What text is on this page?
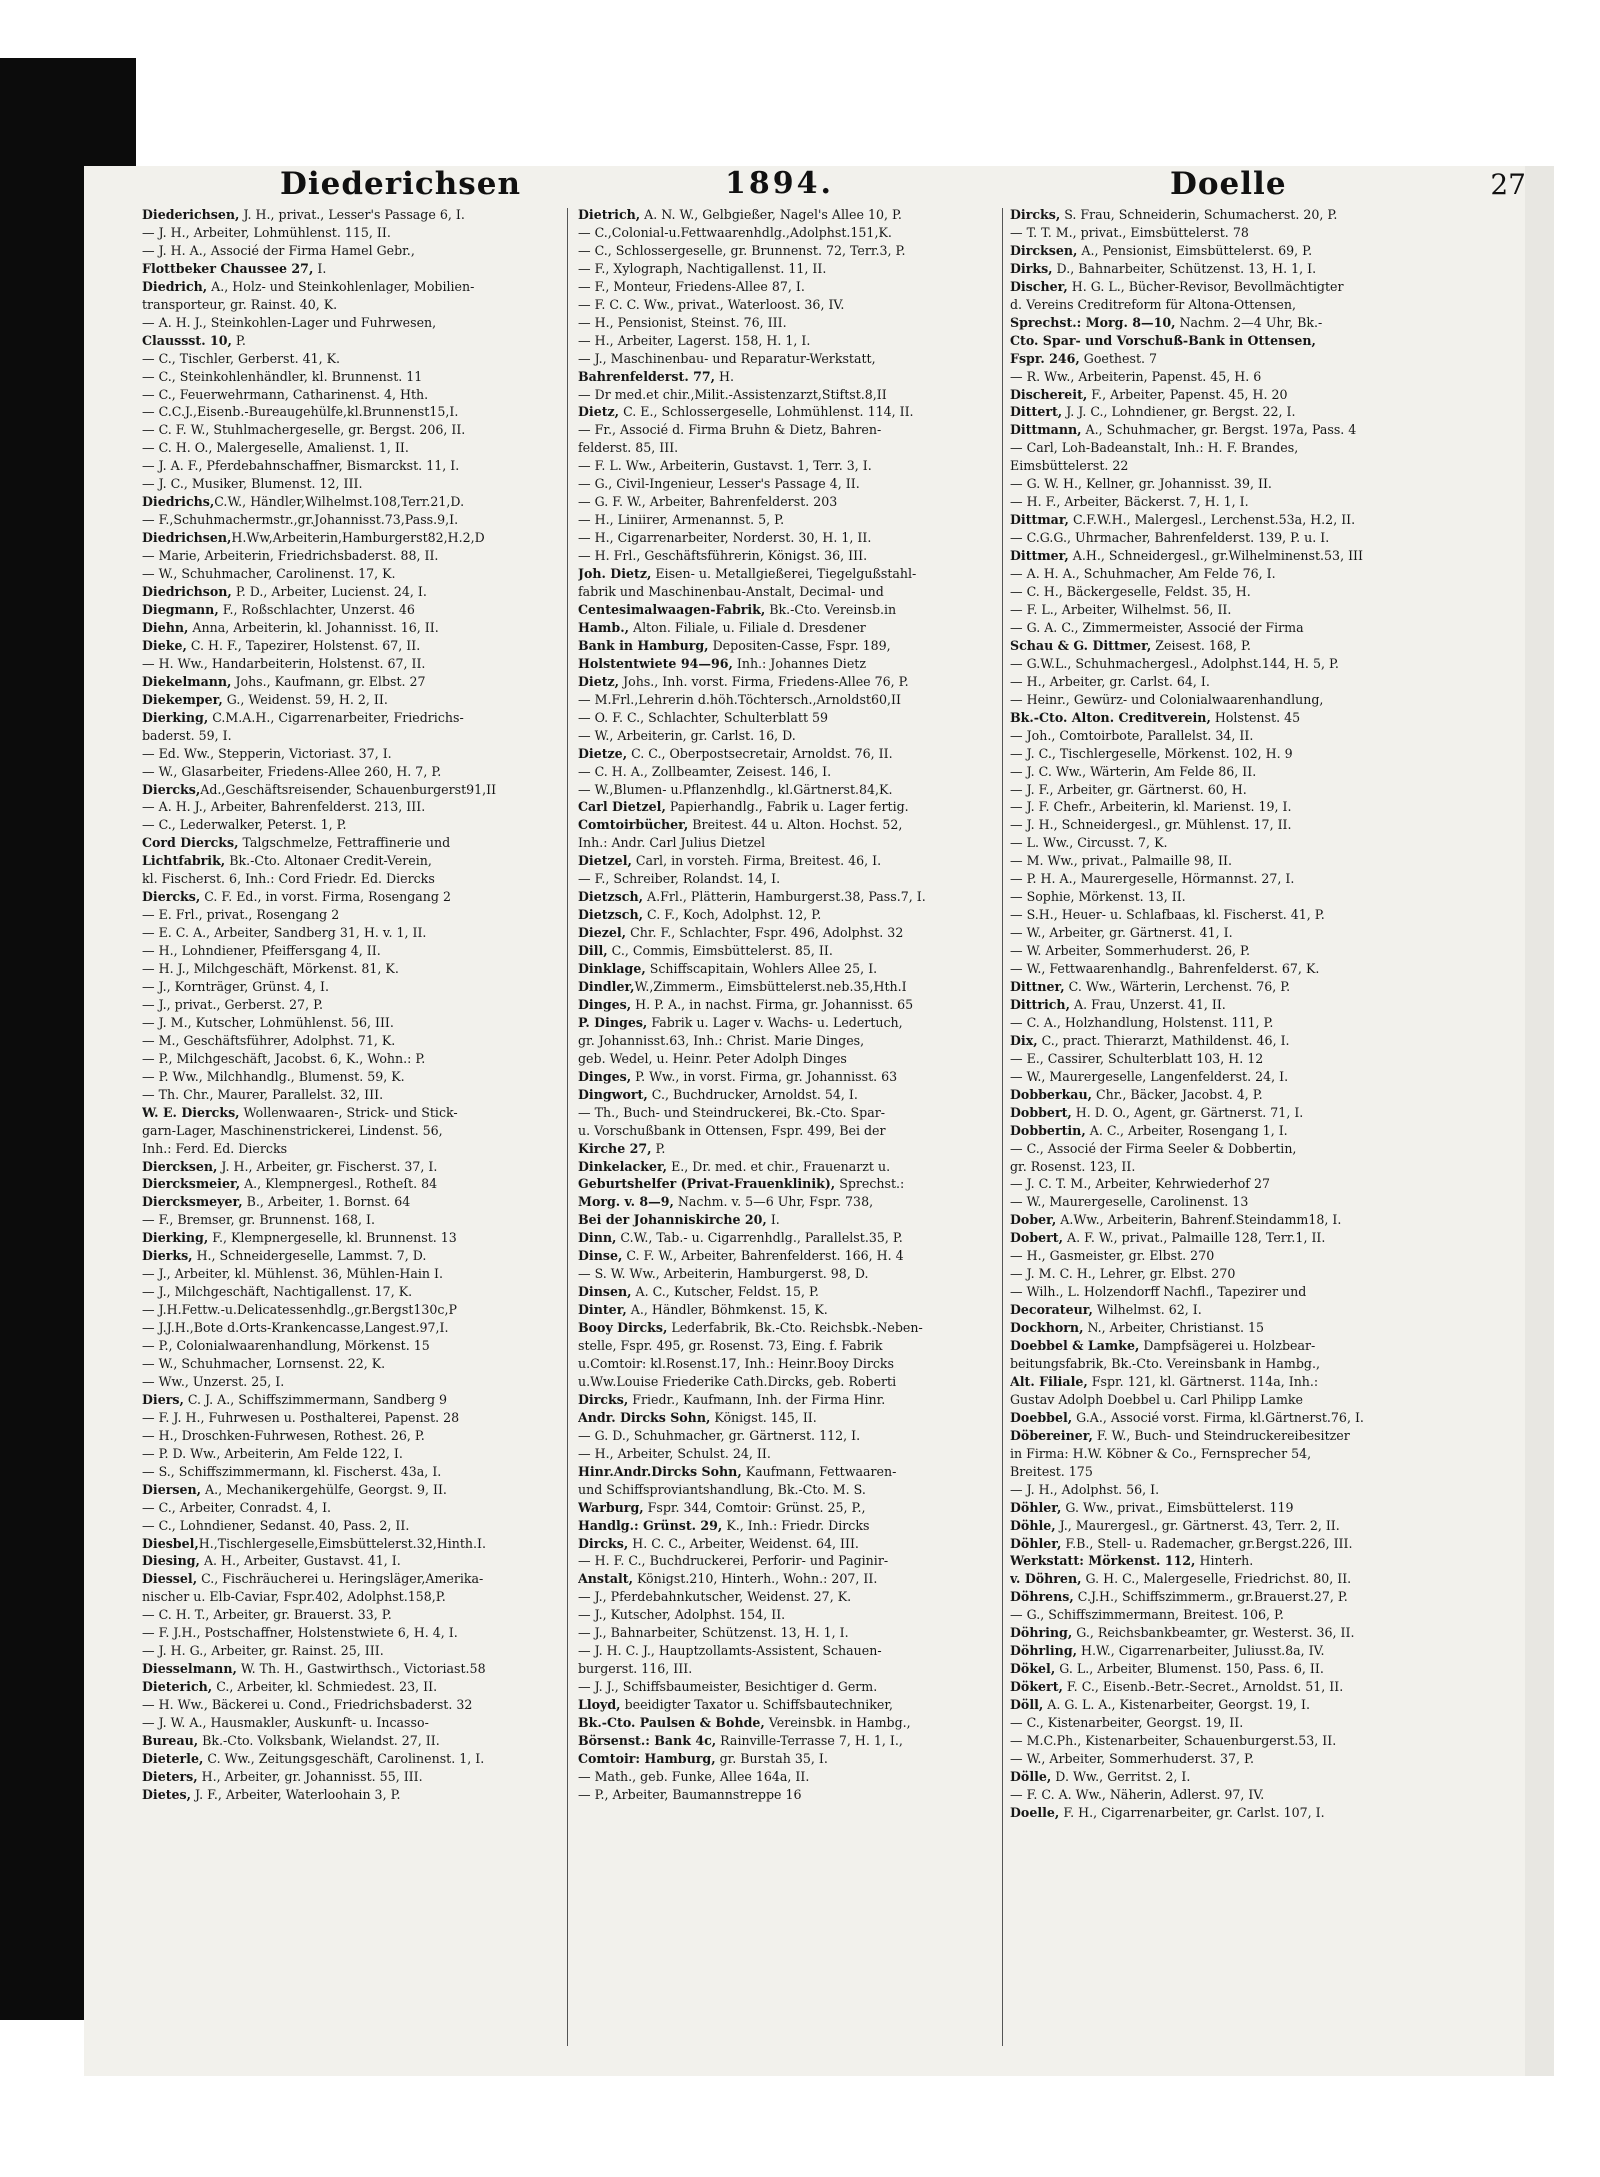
Diederichsen	1894.	Doelle	27
Diederichsen, J. H., privat., Lesser's Passage 6, I.
— J. H., Arbeiter, Lohmühlenst. 115, II.
— J. H. A., Associé der Firma Hamel Gebr.,
Flottbeker Chaussee 27, I.
Diedrich, A., Holz- und Steinkohlenlager, Mobilien-
transporteur, gr. Rainst. 40, K.
— A. H. J., Steinkohlen-Lager und Fuhrwesen,
Claussst. 10, P.
— C., Tischler, Gerberst. 41, K.
— C., Steinkohlenhändler, kl. Brunnenst. 11
— C., Feuerwehrmann, Catharinenst. 4, Hth.
— C.C.J.,Eisenb.-Bureaugehülfe,kl.Brunnenst15,I.
— C. F. W., Stuhlmachergeselle, gr. Bergst. 206, II.
— C. H. O., Malergeselle, Amalienst. 1, II.
— J. A. F., Pferdebahnschaffner, Bismarckst. 11, I.
— J. C., Musiker, Blumenst. 12, III.
Diedrichs,C.W., Händler,Wilhelmst.108,Terr.21,D.
— F.,Schuhmachermstr.,gr.Johannisst.73,Pass.9,I.
Diedrichsen,H.Ww,Arbeiterin,Hamburgerst82,H.2,D
— Marie, Arbeiterin, Friedrichsbaderst. 88, II.
— W., Schuhmacher, Carolinenst. 17, K.
Diedrichson, P. D., Arbeiter, Lucienst. 24, I.
Diegmann, F., Roßschlachter, Unzerst. 46
Diehn, Anna, Arbeiterin, kl. Johannisst. 16, II.
Dieke, C. H. F., Tapezirer, Holstenst. 67, II.
— H. Ww., Handarbeiterin, Holstenst. 67, II.
Diekelmann, Johs., Kaufmann, gr. Elbst. 27
Diekemper, G., Weidenst. 59, H. 2, II.
Dierking, C.M.A.H., Cigarrenarbeiter, Friedrichs-
baderst. 59, I.
— Ed. Ww., Stepperin, Victoriast. 37, I.
— W., Glasarbeiter, Friedens-Allee 260, H. 7, P.
Diercks,Ad.,Geschäftsreisender, Schauenburgerst91,II
— A. H. J., Arbeiter, Bahrenfelderst. 213, III.
— C., Lederwalker, Peterst. 1, P.
Cord Diercks, Talgschmelze, Fettraffinerie und
Lichtfabrik, Bk.-Cto. Altonaer Credit-Verein,
kl. Fischerst. 6, Inh.: Cord Friedr. Ed. Diercks
Diercks, C. F. Ed., in vorst. Firma, Rosengang 2
— E. Frl., privat., Rosengang 2
— E. C. A., Arbeiter, Sandberg 31, H. v. 1, II.
— H., Lohndiener, Pfeiffersgang 4, II.
— H. J., Milchgeschäft, Mörkenst. 81, K.
— J., Kornträger, Grünst. 4, I.
— J., privat., Gerberst. 27, P.
— J. M., Kutscher, Lohmühlenst. 56, III.
— M., Geschäftsführer, Adolphst. 71, K.
— P., Milchgeschäft, Jacobst. 6, K., Wohn.: P.
— P. Ww., Milchhandlg., Blumenst. 59, K.
— Th. Chr., Maurer, Parallelst. 32, III.
W. E. Diercks, Wollenwaaren-, Strick- und Stick-
garn-Lager, Maschinenstrickerei, Lindenst. 56,
Inh.: Ferd. Ed. Diercks
Diercksen, J. H., Arbeiter, gr. Fischerst. 37, I.
Diercksmeier, A., Klempnergesl., Rotheſt. 84
Diercksmeyer, B., Arbeiter, 1. Bornst. 64
— F., Bremser, gr. Brunnenst. 168, I.
Dierking, F., Klempnergeselle, kl. Brunnenst. 13
Dierks, H., Schneidergeselle, Lammst. 7, D.
— J., Arbeiter, kl. Mühlenst. 36, Mühlen-Hain I.
— J., Milchgeschäft, Nachtigallenst. 17, K.
— J.H.Fettw.-u.Delicatessenhdlg.,gr.Bergst130c,P
— J.J.H.,Bote d.Orts-Krankencasse,Langest.97,I.
— P., Colonialwaarenhandlung, Mörkenst. 15
— W., Schuhmacher, Lornsenst. 22, K.
— Ww., Unzerst. 25, I.
Diers, C. J. A., Schiffszimmermann, Sandberg 9
— F. J. H., Fuhrwesen u. Posthalterei, Papenst. 28
— H., Droschken-Fuhrwesen, Rothest. 26, P.
— P. D. Ww., Arbeiterin, Am Felde 122, I.
— S., Schiffszimmermann, kl. Fischerst. 43a, I.
Diersen, A., Mechanikergehülfe, Georgst. 9, II.
— C., Arbeiter, Conradst. 4, I.
— C., Lohndiener, Sedanst. 40, Pass. 2, II.
Diesbel,H.,Tischlergeselle,Eimsbüttelerst.32,Hinth.I.
Diesing, A. H., Arbeiter, Gustavst. 41, I.
Diessel, C., Fischräucherei u. Heringsläger,Amerika-
nischer u. Elb-Caviar, Fspr.402, Adolphst.158,P.
— C. H. T., Arbeiter, gr. Brauerst. 33, P.
— F. J.H., Postschaffner, Holstenstwiete 6, H. 4, I.
— J. H. G., Arbeiter, gr. Rainst. 25, III.
Diesselmann, W. Th. H., Gastwirthsch., Victoriast.58
Dieterich, C., Arbeiter, kl. Schmiedest. 23, II.
— H. Ww., Bäckerei u. Cond., Friedrichsbaderst. 32
— J. W. A., Hausmakler, Auskunft- u. Incasso-
Bureau, Bk.-Cto. Volksbank, Wielandst. 27, II.
Dieterle, C. Ww., Zeitungsgeschäft, Carolinenst. 1, I.
Dieters, H., Arbeiter, gr. Johannisst. 55, III.
Dietes, J. F., Arbeiter, Waterloohain 3, P.
Dietrich, A. N. W., Gelbgießer, Nagel's Allee 10, P.
— C.,Colonial-u.Fettwaarenhdlg.,Adolphst.151,K.
— C., Schlossergeselle, gr. Brunnenst. 72, Terr.3, P.
— F., Xylograph, Nachtigallenst. 11, II.
— F., Monteur, Friedens-Allee 87, I.
— F. C. C. Ww., privat., Waterloost. 36, IV.
— H., Pensionist, Steinst. 76, III.
— H., Arbeiter, Lagerst. 158, H. 1, I.
— J., Maschinenbau- und Reparatur-Werkstatt,
Bahrenfelderst. 77, H.
— Dr med.et chir.,Milit.-Assistenzarzt,Stiftst.8,II
Dietz, C. E., Schlossergeselle, Lohmühlenst. 114, II.
— Fr., Associé d. Firma Bruhn & Dietz, Bahren-
felderst. 85, III.
— F. L. Ww., Arbeiterin, Gustavst. 1, Terr. 3, I.
— G., Civil-Ingenieur, Lesser's Passage 4, II.
— G. F. W., Arbeiter, Bahrenfelderst. 203
— H., Liniirer, Armenannst. 5, P.
— H., Cigarrenarbeiter, Norderst. 30, H. 1, II.
— H. Frl., Geschäftsführerin, Königst. 36, III.
Joh. Dietz, Eisen- u. Metallgießerei, Tiegelgußstahl-
fabrik und Maschinenbau-Anstalt, Decimal- und
Centesimalwaagen-Fabrik, Bk.-Cto. Vereinsb.in
Hamb., Alton. Filiale, u. Filiale d. Dresdener
Bank in Hamburg, Depositen-Casse, Fspr. 189,
Holstentwiete 94—96, Inh.: Johannes Dietz
Dietz, Johs., Inh. vorst. Firma, Friedens-Allee 76, P.
— M.Frl.,Lehrerin d.höh.Töchtersch.,Arnoldst60,II
— O. F. C., Schlachter, Schulterblatt 59
— W., Arbeiterin, gr. Carlst. 16, D.
Dietze, C. C., Oberpostsecretair, Arnoldst. 76, II.
— C. H. A., Zollbeamter, Zeisest. 146, I.
— W.,Blumen- u.Pflanzenhdlg., kl.Gärtnerst.84,K.
Carl Dietzel, Papierhandlg., Fabrik u. Lager fertig.
Comtoirbücher, Breitest. 44 u. Alton. Hochst. 52,
Inh.: Andr. Carl Julius Dietzel
Dietzel, Carl, in vorsteh. Firma, Breitest. 46, I.
— F., Schreiber, Rolandst. 14, I.
Dietzsch, A.Frl., Plätterin, Hamburgerst.38, Pass.7, I.
Dietzsch, C. F., Koch, Adolphst. 12, P.
Diezel, Chr. F., Schlachter, Fspr. 496, Adolphst. 32
Dill, C., Commis, Eimsbüttelerst. 85, II.
Dinklage, Schiffscapitain, Wohlers Allee 25, I.
Dindler,W.,Zimmerm., Eimsbüttelerst.neb.35,Hth.I
Dinges, H. P. A., in nachst. Firma, gr. Johannisst. 65
P. Dinges, Fabrik u. Lager v. Wachs- u. Ledertuch,
gr. Johannisst.63, Inh.: Christ. Marie Dinges,
geb. Wedel, u. Heinr. Peter Adolph Dinges
Dinges, P. Ww., in vorst. Firma, gr. Johannisst. 63
Dingwort, C., Buchdrucker, Arnoldst. 54, I.
— Th., Buch- und Steindruckerei, Bk.-Cto. Spar-
u. Vorschußbank in Ottensen, Fspr. 499, Bei der
Kirche 27, P.
Dinkelacker, E., Dr. med. et chir., Frauenarzt u.
Geburtshelfer (Privat-Frauenklinik), Sprechst.:
Morg. v. 8—9, Nachm. v. 5—6 Uhr, Fspr. 738,
Bei der Johanniskirche 20, I.
Dinn, C.W., Tab.- u. Cigarrenhdlg., Parallelst.35, P.
Dinse, C. F. W., Arbeiter, Bahrenfelderst. 166, H. 4
— S. W. Ww., Arbeiterin, Hamburgerst. 98, D.
Dinsen, A. C., Kutscher, Feldst. 15, P.
Dinter, A., Händler, Böhmkenst. 15, K.
Booy Dircks, Lederfabrik, Bk.-Cto. Reichsbk.-Neben-
stelle, Fspr. 495, gr. Rosenst. 73, Eing. f. Fabrik
u.Comtoir: kl.Rosenst.17, Inh.: Heinr.Booy Dircks
u.Ww.Louise Friederike Cath.Dircks, geb. Roberti
Dircks, Friedr., Kaufmann, Inh. der Firma Hinr.
Andr. Dircks Sohn, Königst. 145, II.
— G. D., Schuhmacher, gr. Gärtnerst. 112, I.
— H., Arbeiter, Schulst. 24, II.
Hinr.Andr.Dircks Sohn, Kaufmann, Fettwaaren-
und Schiffsproviantshandlung, Bk.-Cto. M. S.
Warburg, Fspr. 344, Comtoir: Grünst. 25, P.,
Handlg.: Grünst. 29, K., Inh.: Friedr. Dircks
Dircks, H. C. C., Arbeiter, Weidenst. 64, III.
— H. F. C., Buchdruckerei, Perforir- und Paginir-
Anstalt, Königst.210, Hinterh., Wohn.: 207, II.
— J., Pferdebahnkutscher, Weidenst. 27, K.
— J., Kutscher, Adolphst. 154, II.
— J., Bahnarbeiter, Schützenst. 13, H. 1, I.
— J. H. C. J., Hauptzollamts-Assistent, Schauen-
burgerst. 116, III.
— J. J., Schiffsbaumeister, Besichtiger d. Germ.
Lloyd, beeidigter Taxator u. Schiffsbautechniker,
Bk.-Cto. Paulsen & Bohde, Vereinsbk. in Hambg.,
Börsenst.: Bank 4c, Rainville-Terrasse 7, H. 1, I.,
Comtoir: Hamburg, gr. Burstah 35, I.
— Math., geb. Funke, Allee 164a, II.
— P., Arbeiter, Baumannstreppe 16
Dircks, S. Frau, Schneiderin, Schumacherst. 20, P.
— T. T. M., privat., Eimsbüttelerst. 78
Dircksen, A., Pensionist, Eimsbüttelerst. 69, P.
Dirks, D., Bahnarbeiter, Schützenst. 13, H. 1, I.
Discher, H. G. L., Bücher-Revisor, Bevollmächtigter
d. Vereins Creditreform für Altona-Ottensen,
Sprechst.: Morg. 8—10, Nachm. 2—4 Uhr, Bk.-
Cto. Spar- und Vorschuß-Bank in Ottensen,
Fspr. 246, Goethest. 7
— R. Ww., Arbeiterin, Papenst. 45, H. 6
Dischereit, F., Arbeiter, Papenst. 45, H. 20
Dittert, J. J. C., Lohndiener, gr. Bergst. 22, I.
Dittmann, A., Schuhmacher, gr. Bergst. 197a, Pass. 4
— Carl, Loh-Badeanstalt, Inh.: H. F. Brandes,
Eimsbüttelerst. 22
— G. W. H., Kellner, gr. Johannisst. 39, II.
— H. F., Arbeiter, Bäckerst. 7, H. 1, I.
Dittmar, C.F.W.H., Malergesl., Lerchenst.53a, H.2, II.
— C.G.G., Uhrmacher, Bahrenfelderst. 139, P. u. I.
Dittmer, A.H., Schneidergesl., gr.Wilhelminenst.53, III
— A. H. A., Schuhmacher, Am Felde 76, I.
— C. H., Bäckergeselle, Feldst. 35, H.
— F. L., Arbeiter, Wilhelmst. 56, II.
— G. A. C., Zimmermeister, Associé der Firma
Schau & G. Dittmer, Zeisest. 168, P.
— G.W.L., Schuhmachergesl., Adolphst.144, H. 5, P.
— H., Arbeiter, gr. Carlst. 64, I.
— Heinr., Gewürz- und Colonialwaarenhandlung,
Bk.-Cto. Alton. Creditverein, Holstenst. 45
— Joh., Comtoirbote, Parallelst. 34, II.
— J. C., Tischlergeselle, Mörkenst. 102, H. 9
— J. C. Ww., Wärterin, Am Felde 86, II.
— J. F., Arbeiter, gr. Gärtnerst. 60, H.
— J. F. Chefr., Arbeiterin, kl. Marienst. 19, I.
— J. H., Schneidergesl., gr. Mühlenst. 17, II.
— L. Ww., Circusst. 7, K.
— M. Ww., privat., Palmaille 98, II.
— P. H. A., Maurergeselle, Hörmannst. 27, I.
— Sophie, Mörkenst. 13, II.
— S.H., Heuer- u. Schlafbaas, kl. Fischerst. 41, P.
— W., Arbeiter, gr. Gärtnerst. 41, I.
— W. Arbeiter, Sommerhuderst. 26, P.
— W., Fettwaarenhandlg., Bahrenfelderst. 67, K.
Dittner, C. Ww., Wärterin, Lerchenst. 76, P.
Dittrich, A. Frau, Unzerst. 41, II.
— C. A., Holzhandlung, Holstenst. 111, P.
Dix, C., pract. Thierarzt, Mathildenst. 46, I.
— E., Cassirer, Schulterblatt 103, H. 12
— W., Maurergeselle, Langenfelderst. 24, I.
Dobberkau, Chr., Bäcker, Jacobst. 4, P.
Dobbert, H. D. O., Agent, gr. Gärtnerst. 71, I.
Dobbertin, A. C., Arbeiter, Rosengang 1, I.
— C., Associé der Firma Seeler & Dobbertin,
gr. Rosenst. 123, II.
— J. C. T. M., Arbeiter, Kehrwiederhof 27
— W., Maurergeselle, Carolinenst. 13
Dober, A.Ww., Arbeiterin, Bahrenf.Steindamm18, I.
Dobert, A. F. W., privat., Palmaille 128, Terr.1, II.
— H., Gasmeister, gr. Elbst. 270
— J. M. C. H., Lehrer, gr. Elbst. 270
— Wilh., L. Holzendorff Nachfl., Tapezirer und
Decorateur, Wilhelmst. 62, I.
Dockhorn, N., Arbeiter, Christianst. 15
Doebbel & Lamke, Dampfsägerei u. Holzbear-
beitungsfabrik, Bk.-Cto. Vereinsbank in Hambg.,
Alt. Filiale, Fspr. 121, kl. Gärtnerst. 114a, Inh.:
Gustav Adolph Doebbel u. Carl Philipp Lamke
Doebbel, G.A., Associé vorst. Firma, kl.Gärtnerst.76, I.
Döbereiner, F. W., Buch- und Steindruckereibesitzer
in Firma: H.W. Köbner & Co., Fernsprecher 54,
Breitest. 175
— J. H., Adolphst. 56, I.
Döhler, G. Ww., privat., Eimsbüttelerst. 119
Döhle, J., Maurergesl., gr. Gärtnerst. 43, Terr. 2, II.
Döhler, F.B., Stell- u. Rademacher, gr.Bergst.226, III.
Werkstatt: Mörkenst. 112, Hinterh.
v. Döhren, G. H. C., Malergeselle, Friedrichst. 80, II.
Döhrens, C.J.H., Schiffszimmerm., gr.Brauerst.27, P.
— G., Schiffszimmermann, Breitest. 106, P.
Döhring, G., Reichsbankbeamter, gr. Westerst. 36, II.
Döhrling, H.W., Cigarrenarbeiter, Juliusst.8a, IV.
Dökel, G. L., Arbeiter, Blumenst. 150, Pass. 6, II.
Dökert, F. C., Eisenb.-Betr.-Secret., Arnoldst. 51, II.
Döll, A. G. L. A., Kistenarbeiter, Georgst. 19, I.
— C., Kistenarbeiter, Georgst. 19, II.
— M.C.Ph., Kistenarbeiter, Schauenburgerst.53, II.
— W., Arbeiter, Sommerhuderst. 37, P.
Dölle, D. Ww., Gerritst. 2, I.
— F. C. A. Ww., Näherin, Adlerst. 97, IV.
Doelle, F. H., Cigarrenarbeiter, gr. Carlst. 107, I.
